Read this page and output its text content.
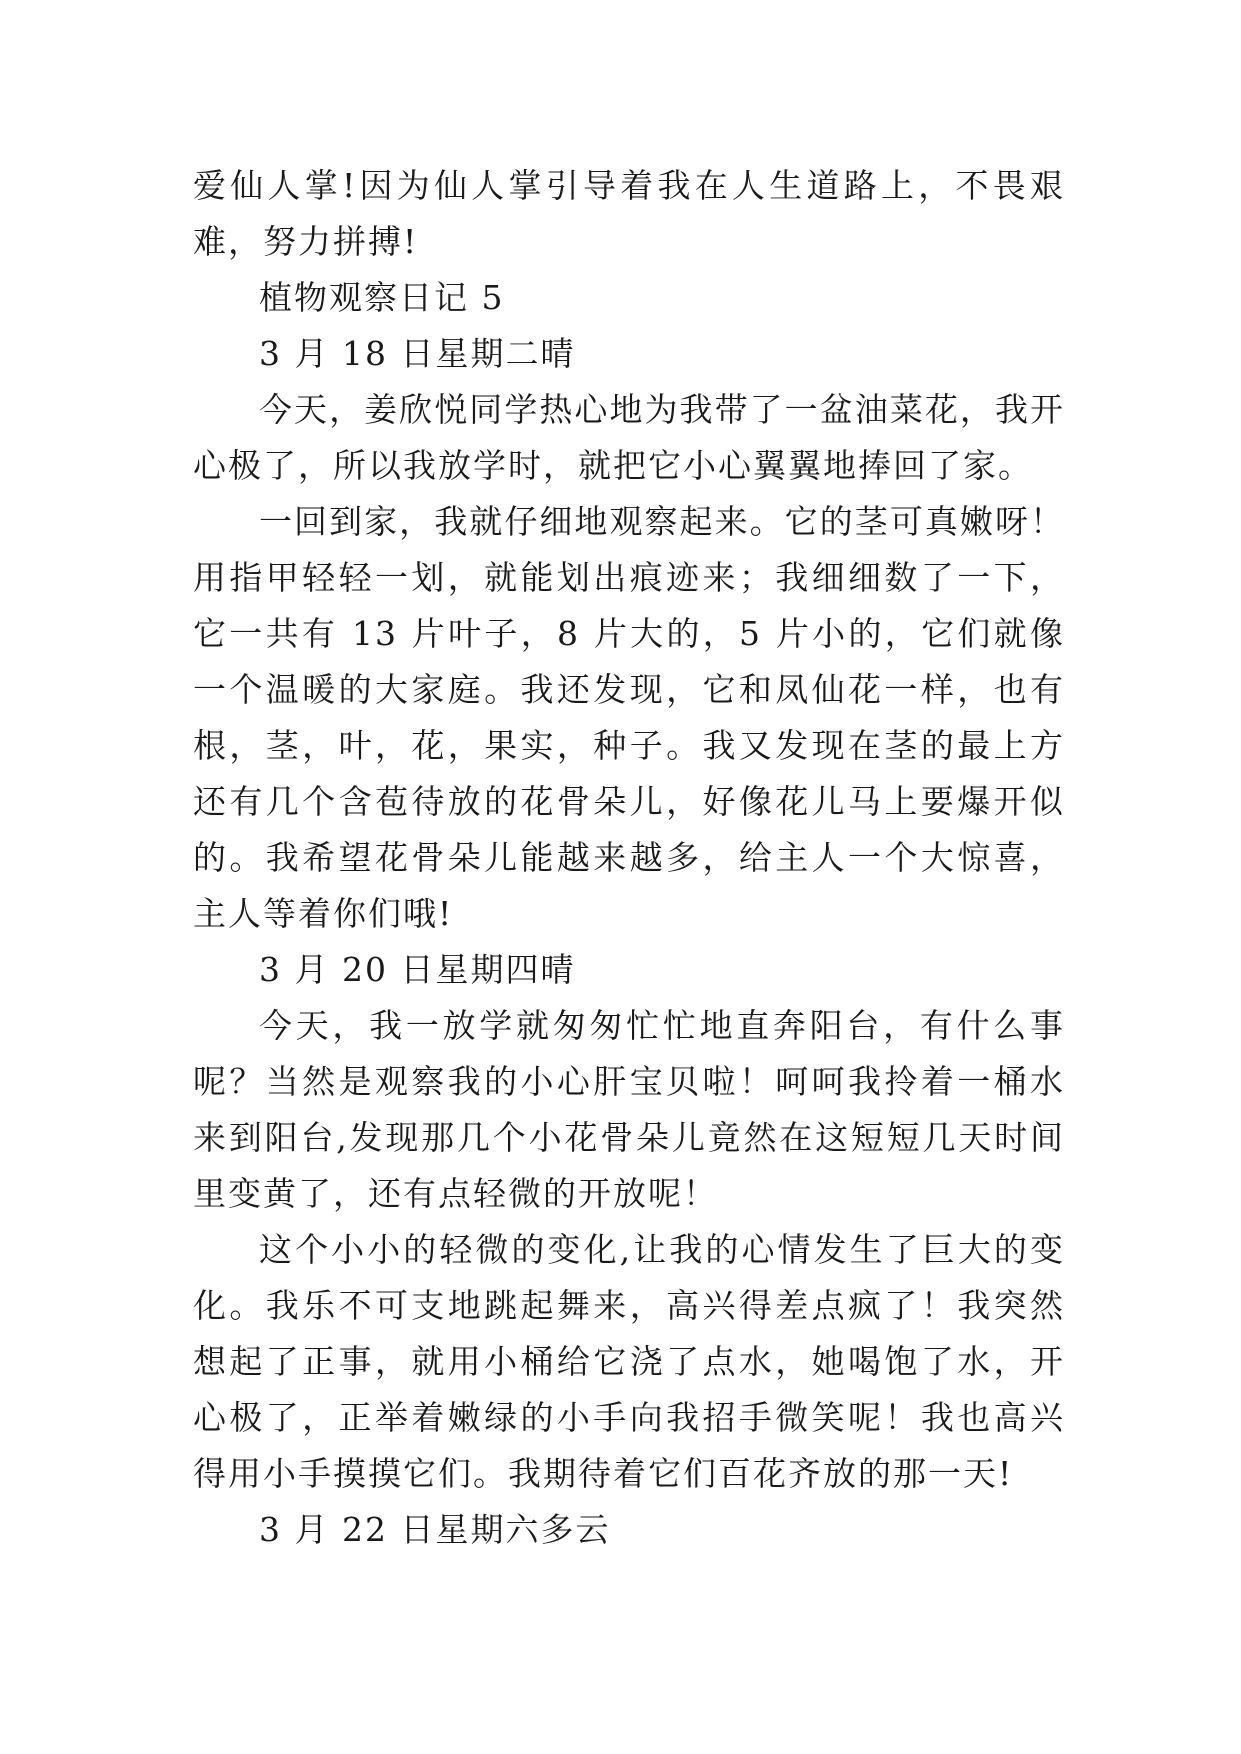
爱仙人掌!因为仙人掌引导着我在人生道路上，不畏艰难，努力拼搏!

植物观察日记 5

3 月 18 日星期二晴

今天，姜欣悦同学热心地为我带了一盆油菜花，我开心极了，所以我放学时，就把它小心翼翼地捧回了家。

一回到家，我就仔细地观察起来。它的茎可真嫩呀！用指甲轻轻一划，就能划出痕迹来；我细细数了一下，它一共有 13 片叶子，8 片大的，5 片小的，它们就像一个温暖的大家庭。我还发现，它和凤仙花一样，也有根，茎，叶，花，果实，种子。我又发现在茎的最上方还有几个含苞待放的花骨朵儿，好像花儿马上要爆开似的。我希望花骨朵儿能越来越多，给主人一个大惊喜，主人等着你们哦!

3 月 20 日星期四晴

今天，我一放学就匆匆忙忙地直奔阳台，有什么事呢？当然是观察我的小心肝宝贝啦！呵呵我拎着一桶水来到阳台,发现那几个小花骨朵儿竟然在这短短几天时间里变黄了，还有点轻微的开放呢！

这个小小的轻微的变化,让我的心情发生了巨大的变化。我乐不可支地跳起舞来，高兴得差点疯了！我突然想起了正事，就用小桶给它浇了点水，她喝饱了水，开心极了，正举着嫩绿的小手向我招手微笑呢！我也高兴得用小手摸摸它们。我期待着它们百花齐放的那一天!

3 月 22 日星期六多云
